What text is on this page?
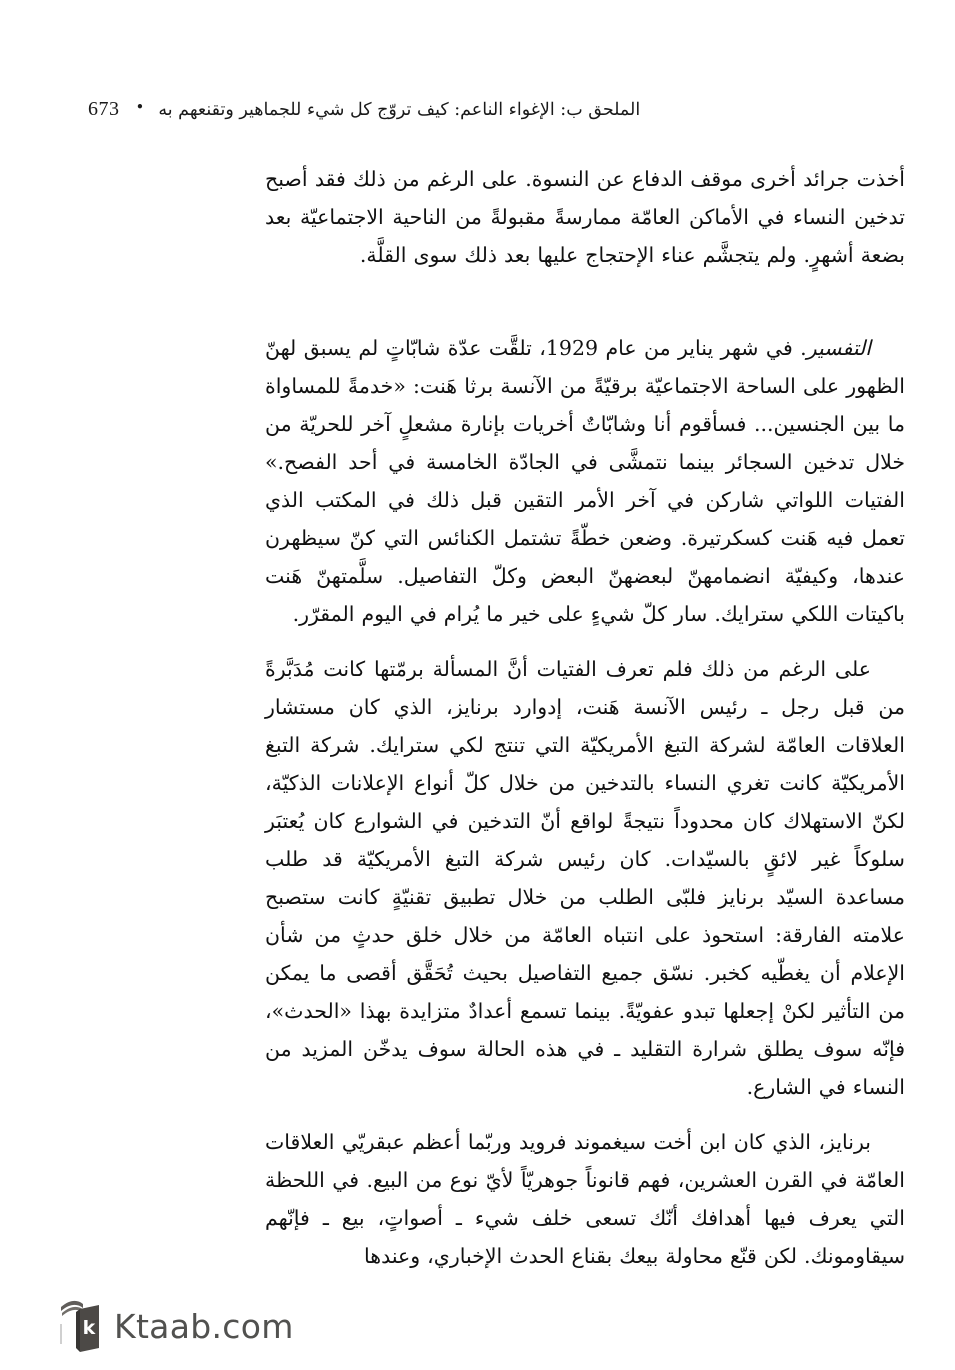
673 • الملحق ب: الإغواء الناعم: كيف تروّج كل شيء للجماهير وتقنعهم به

أخذت جرائد أخرى موقف الدفاع عن النسوة. على الرغم من ذلك فقد أصبح تدخين النساء في الأماكن العامّة ممارسةً مقبولةً من الناحية الاجتماعيّة بعد بضعة أشهرٍ. ولم يتجشَّم عناء الإحتجاج عليها بعد ذلك سوى القلَّة.

التفسير. في شهر يناير من عام 1929، تلقَّت عدّة شابّاتٍ لم يسبق لهنّ الظهور على الساحة الاجتماعيّة برقيّةً من الآنسة برثا هَنت: «خدمةً للمساواة ما بين الجنسين... فسأقوم أنا وشابّاتٌ أخريات بإنارة مشعلٍ آخر للحريّة من خلال تدخين السجائر بينما نتمشَّى في الجادّة الخامسة في أحد الفصح.» الفتيات اللواتي شاركن في آخر الأمر التقين قبل ذلك في المكتب الذي تعمل فيه هَنت كسكرتيرة. وضعن خطّةً تشتمل الكنائس التي كنّ سيظهرن عندها، وكيفيّة انضمامهنّ لبعضهنّ البعض وكلّ التفاصيل. سلَّمتهنّ هَنت باكيتات اللكي سترايك. سار كلّ شيءٍ على خير ما يُرام في اليوم المقرّر.

على الرغم من ذلك فلم تعرف الفتيات أنَّ المسألة برمّتها كانت مُدَبَّرةً من قبل رجل ـ رئيس الآنسة هَنت، إدوارد برنايز، الذي كان مستشار العلاقات العامّة لشركة التبغ الأمريكيّة التي تنتج لكي سترايك. شركة التبغ الأمريكيّة كانت تغري النساء بالتدخين من خلال كلّ أنواع الإعلانات الذكيّة، لكنّ الاستهلاك كان محدوداً نتيجةً لواقع أنّ التدخين في الشوارع كان يُعتبَر سلوكاً غير لائقٍ بالسيّدات. كان رئيس شركة التبغ الأمريكيّة قد طلب مساعدة السيّد برنايز فلبّى الطلب من خلال تطبيق تقنيّةٍ كانت ستصبح علامته الفارقة: استحوذ على انتباه العامّة من خلال خلق حدثٍ من شأن الإعلام أن يغطّيه كخبر. نسّق جميع التفاصيل بحيث تُحَقَّق أقصى ما يمكن من التأثير لكنْ إجعلها تبدو عفويّةً. بينما تسمع أعدادٌ متزايدة بهذا «الحدث»، فإنّه سوف يطلق شرارة التقليد ـ في هذه الحالة سوف يدخّن المزيد من النساء في الشارع.

برنايز، الذي كان ابن أخت سيغموند فرويد وربّما أعظم عبقريّي العلاقات العامّة في القرن العشرين، فهم قانوناً جوهريّاً لأيّ نوع من البيع. في اللحظة التي يعرف فيها أهدافك أنّك تسعى خلف شيء ـ أصواتٍ، بيع ـ فإنّهم سيقاومونك. لكن قنّع محاولة بيعك بقناع الحدث الإخباري، وعندها

k Ktaab.com
